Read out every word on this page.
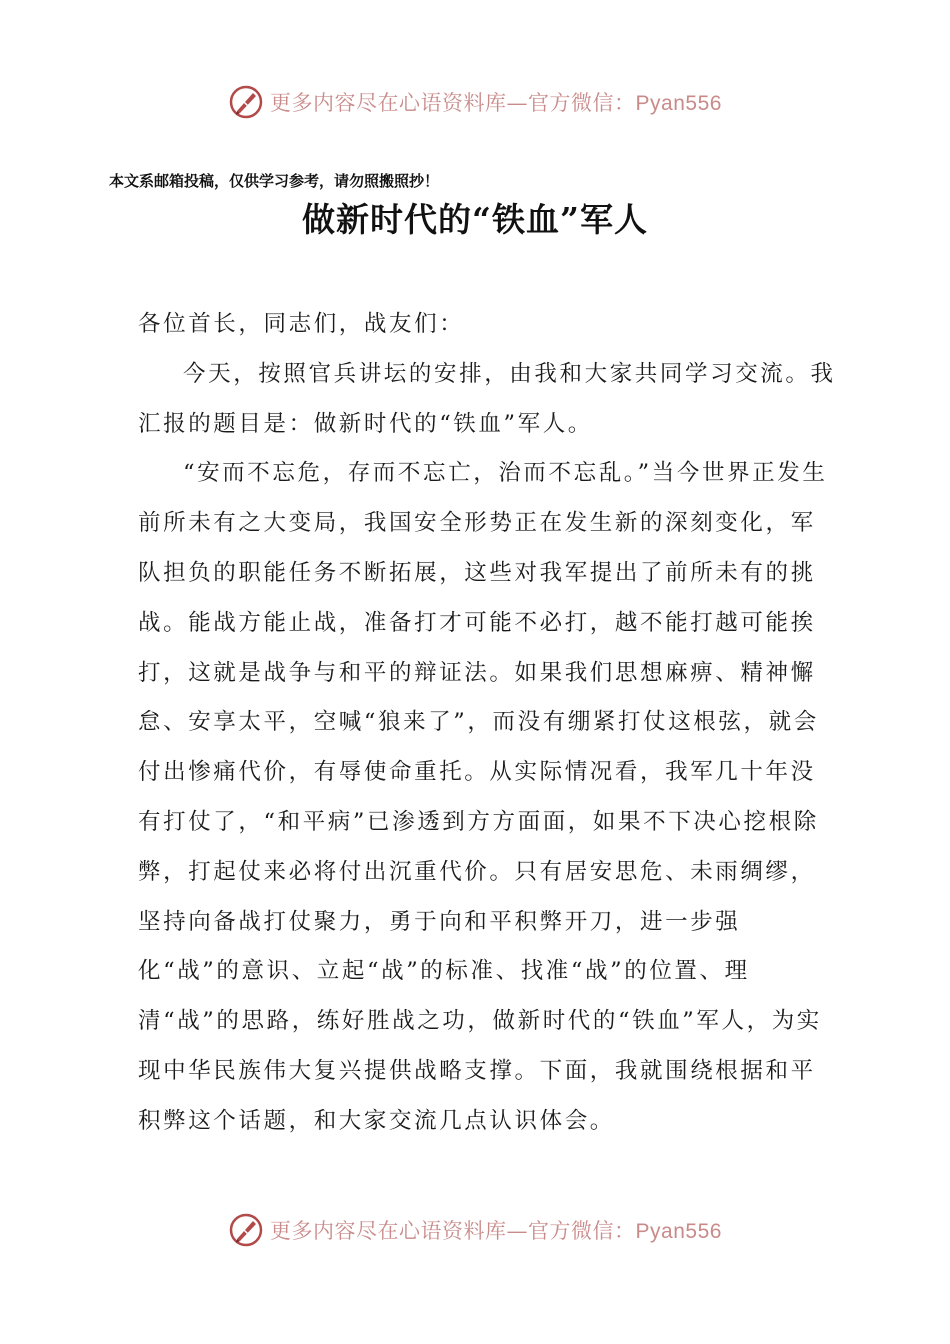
更多内容尽在心语资料库—官方微信：Pyan556
本文系邮箱投稿，仅供学习参考，请勿照搬照抄！
做新时代的“铁血”军人

各位首长，同志们，战友们：

今天，按照官兵讲坛的安排，由我和大家共同学习交流。我汇报的题目是：做新时代的“铁血”军人。

“安而不忘危，存而不忘亡，治而不忘乱。”当今世界正发生前所未有之大变局，我国安全形势正在发生新的深刻变化，军队担负的职能任务不断拓展，这些对我军提出了前所未有的挑战。能战方能止战，准备打才可能不必打，越不能打越可能挨打，这就是战争与和平的辩证法。如果我们思想麻痹、精神懈怠、安享太平，空喊“狼来了”，而没有绷紧打仗这根弦，就会付出惨痛代价，有辱使命重托。从实际情况看，我军几十年没有打仗了，“和平病”已渗透到方方面面，如果不下决心挖根除弊，打起仗来必将付出沉重代价。只有居安思危、未雨绸缪，坚持向备战打仗聚力，勇于向和平积弊开刀，进一步强化“战”的意识、立起“战”的标准、找准“战”的位置、理清“战”的思路，练好胜战之功，做新时代的“铁血”军人，为实现中华民族伟大复兴提供战略支撑。下面，我就围绕根据和平积弊这个话题，和大家交流几点认识体会。

更多内容尽在心语资料库—官方微信：Pyan556
